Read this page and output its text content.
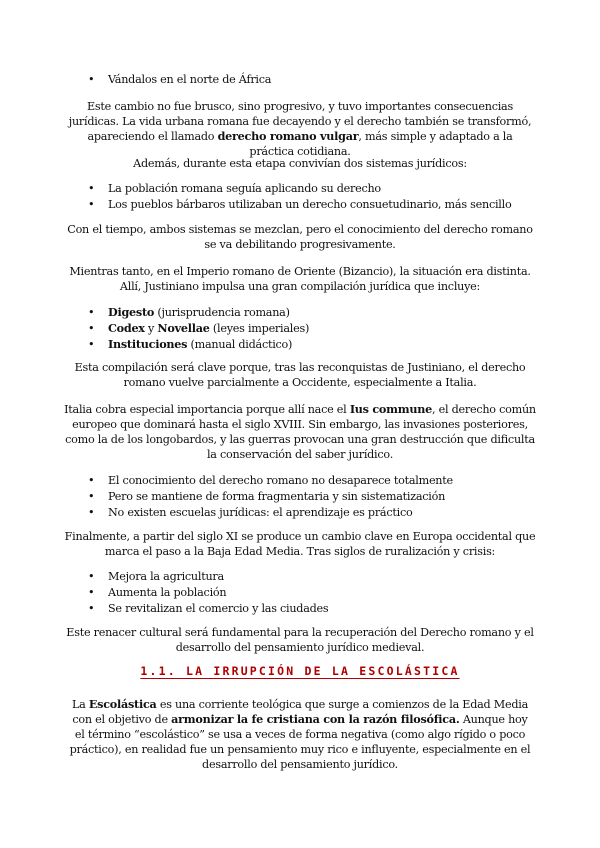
• Vándalos en el norte de África

Este cambio no fue brusco, sino progresivo, y tuvo importantes consecuencias jurídicas. La vida urbana romana fue decayendo y el derecho también se transformó, apareciendo el llamado derecho romano vulgar, más simple y adaptado a la práctica cotidiana.

Además, durante esta etapa convivían dos sistemas jurídicos:

• La población romana seguía aplicando su derecho
• Los pueblos bárbaros utilizaban un derecho consuetudinario, más sencillo

Con el tiempo, ambos sistemas se mezclan, pero el conocimiento del derecho romano se va debilitando progresivamente.

Mientras tanto, en el Imperio romano de Oriente (Bizancio), la situación era distinta. Allí, Justiniano impulsa una gran compilación jurídica que incluye:

• Digesto (jurisprudencia romana)
• Codex y Novellae (leyes imperiales)
• Instituciones (manual didáctico)

Esta compilación será clave porque, tras las reconquistas de Justiniano, el derecho romano vuelve parcialmente a Occidente, especialmente a Italia.

Italia cobra especial importancia porque allí nace el Ius commune, el derecho común europeo que dominará hasta el siglo XVIII. Sin embargo, las invasiones posteriores, como la de los longobardos, y las guerras provocan una gran destrucción que dificulta la conservación del saber jurídico.

• El conocimiento del derecho romano no desaparece totalmente
• Pero se mantiene de forma fragmentaria y sin sistematización
• No existen escuelas jurídicas: el aprendizaje es práctico

Finalmente, a partir del siglo XI se produce un cambio clave en Europa occidental que marca el paso a la Baja Edad Media. Tras siglos de ruralización y crisis:

• Mejora la agricultura
• Aumenta la población
• Se revitalizan el comercio y las ciudades

Este renacer cultural será fundamental para la recuperación del Derecho romano y el desarrollo del pensamiento jurídico medieval.

1.1. LA IRRUPCIÓN DE LA ESCOLÁSTICA

La Escolástica es una corriente teológica que surge a comienzos de la Edad Media con el objetivo de armonizar la fe cristiana con la razón filosófica. Aunque hoy el término “escolástico” se usa a veces de forma negativa (como algo rígido o poco práctico), en realidad fue un pensamiento muy rico e influyente, especialmente en el desarrollo del pensamiento jurídico.
